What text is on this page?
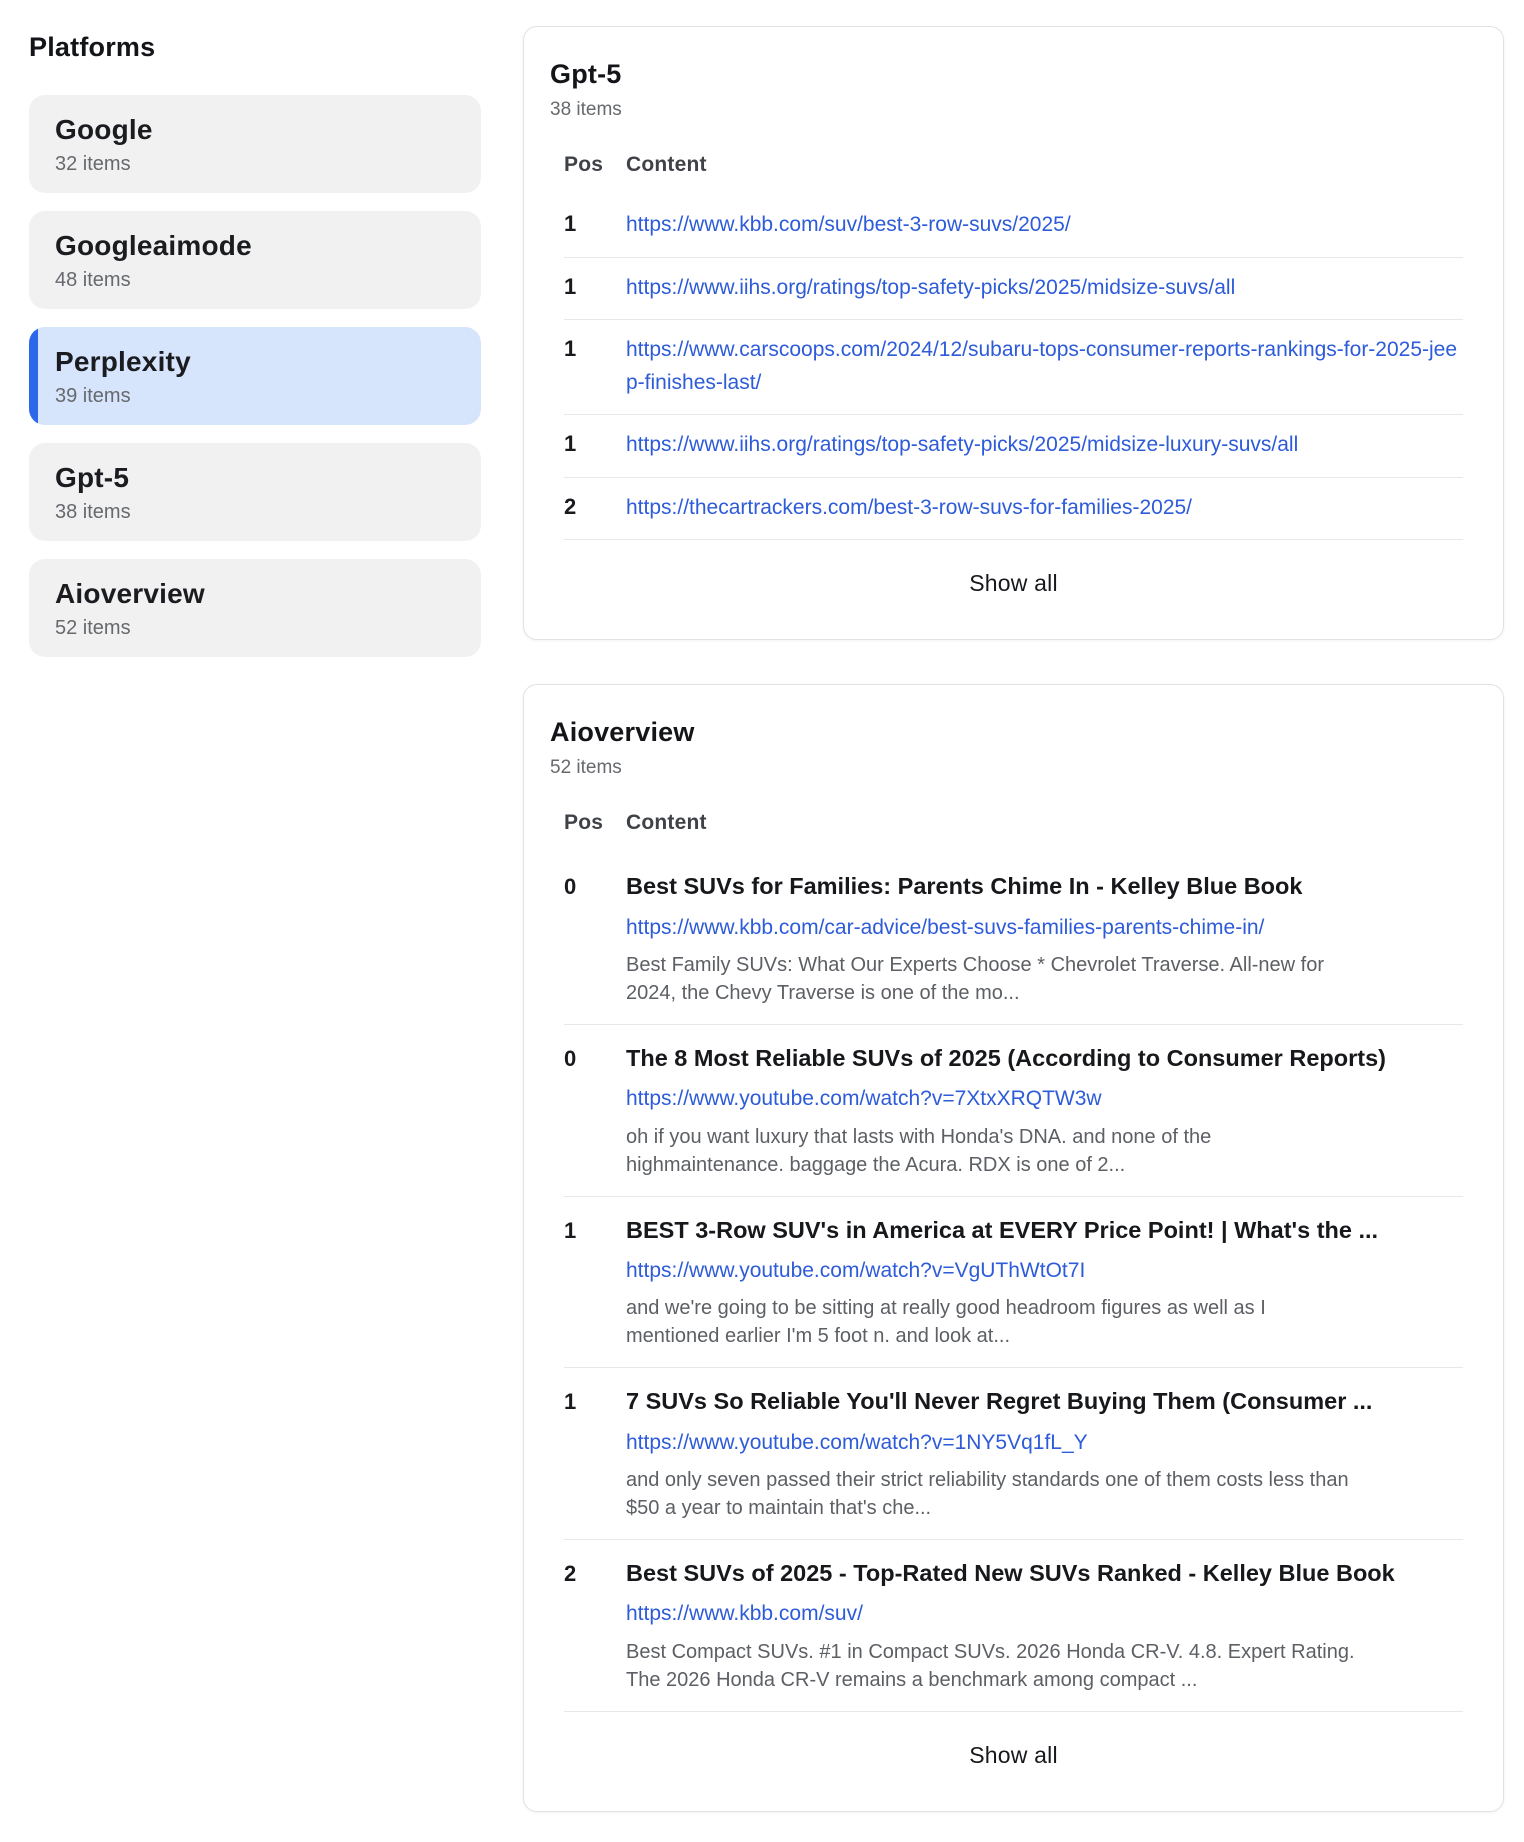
Platforms
Google
32 items
Googleaimode
48 items
Perplexity
39 items
Gpt-5
38 items
Aioverview
52 items
Gpt-5
38 items
Pos	Content
1	https://www.kbb.com/suv/best-3-row-suvs/2025/
1	https://www.iihs.org/ratings/top-safety-picks/2025/midsize-suvs/all
1	https://www.carscoops.com/2024/12/subaru-tops-consumer-reports-rankings-for-2025-jeep-finishes-last/
1	https://www.iihs.org/ratings/top-safety-picks/2025/midsize-luxury-suvs/all
2	https://thecartrackers.com/best-3-row-suvs-for-families-2025/
Show all
Aioverview
52 items
Pos	Content
0	Best SUVs for Families: Parents Chime In - Kelley Blue Book
https://www.kbb.com/car-advice/best-suvs-families-parents-chime-in/
Best Family SUVs: What Our Experts Choose * Chevrolet Traverse. All-new for 2024, the Chevy Traverse is one of the mo...
0	The 8 Most Reliable SUVs of 2025 (According to Consumer Reports)
https://www.youtube.com/watch?v=7XtxXRQTW3w
oh if you want luxury that lasts with Honda's DNA. and none of the highmaintenance. baggage the Acura. RDX is one of 2...
1	BEST 3-Row SUV's in America at EVERY Price Point! | What's the ...
https://www.youtube.com/watch?v=VgUThWtOt7I
and we're going to be sitting at really good headroom figures as well as I mentioned earlier I'm 5 foot n. and look at...
1	7 SUVs So Reliable You'll Never Regret Buying Them (Consumer ...
https://www.youtube.com/watch?v=1NY5Vq1fL_Y
and only seven passed their strict reliability standards one of them costs less than $50 a year to maintain that's che...
2	Best SUVs of 2025 - Top-Rated New SUVs Ranked - Kelley Blue Book
https://www.kbb.com/suv/
Best Compact SUVs. #1 in Compact SUVs. 2026 Honda CR-V. 4.8. Expert Rating. The 2026 Honda CR-V remains a benchmark among compact ...
Show all
